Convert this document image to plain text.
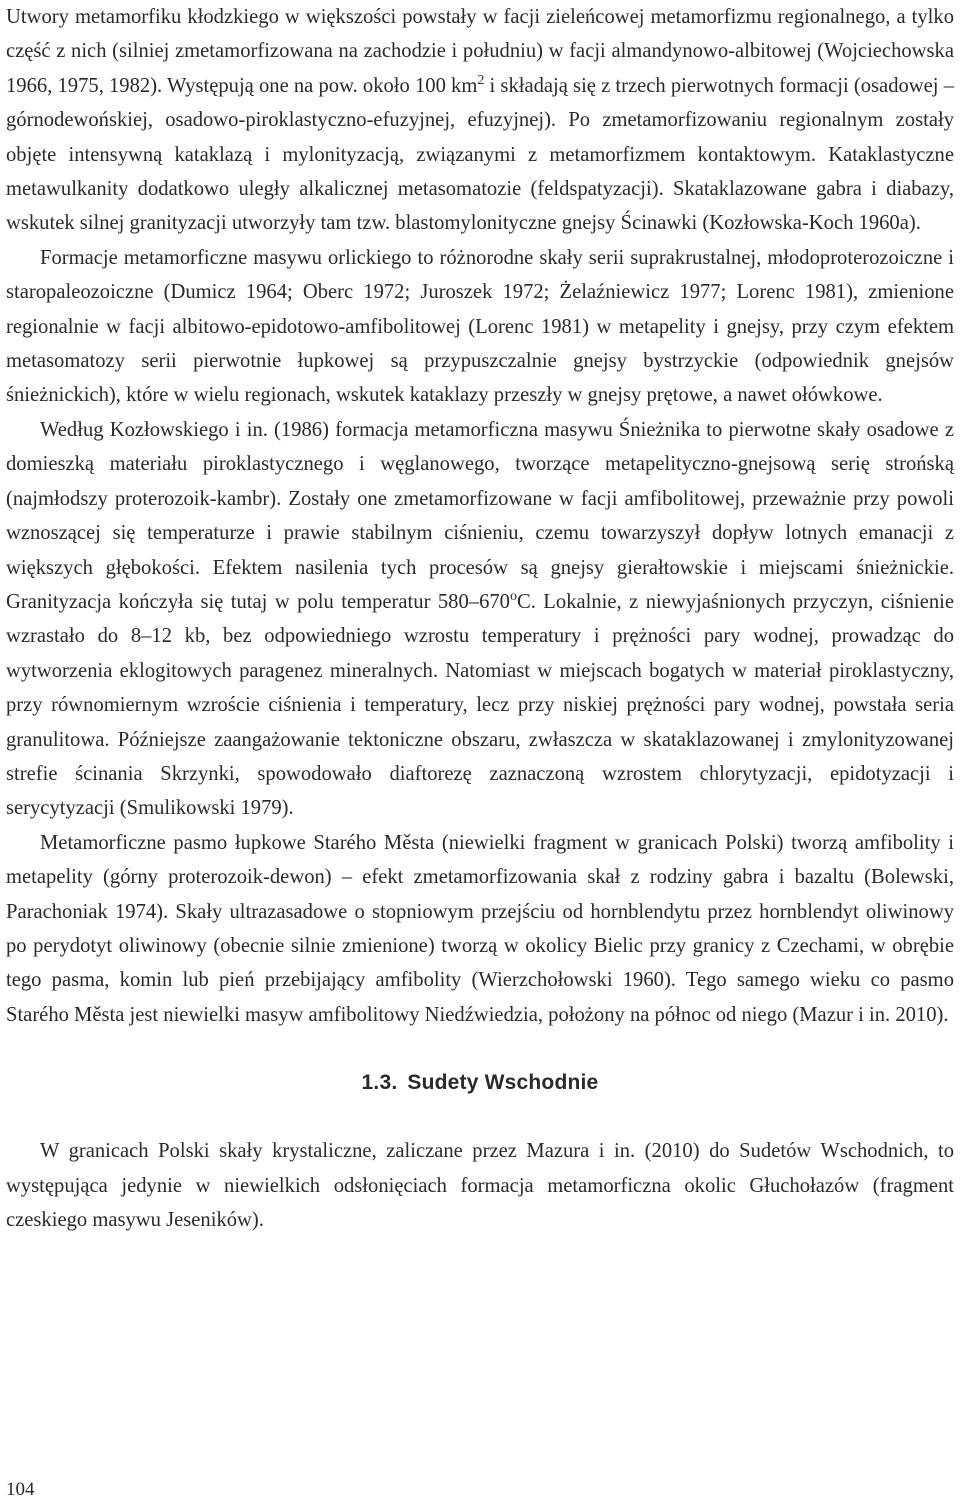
Utwory metamorfiku kłodzkiego w większości powstały w facji zieleńcowej metamorfizmu regionalnego, a tylko część z nich (silniej zmetamorfizowana na zachodzie i południu) w facji almandynowo-albitowej (Wojciechowska 1966, 1975, 1982). Występują one na pow. około 100 $km^2$ i składają się z trzech pierwotnych formacji (osadowej – górnodewońskiej, osadowo-piroklastyczno-efuzyjnej, efuzyjnej). Po zmetamorfizowaniu regionalnym zostały objęte intensywną kataklazą i mylonityzacją, związanymi z metamorfizmem kontaktowym. Kataklastyczne metawulkanity dodatkowo uległy alkalicznej metasomatozie (feldspatyzacji). Skataklazowane gabra i diabazy, wskutek silnej granityzacji utworzyły tam tzw. blastomylonityczne gnejsy Ścinawki (Kozłowska-Koch 1960a).

Formacje metamorficzne masywu orlickiego to różnorodne skały serii suprakrustalnej, młodoproterozoiczne i staropaleozoiczne (Dumicz 1964; Oberc 1972; Juroszek 1972; Żelaźniewicz 1977; Lorenc 1981), zmienione regionalnie w facji albitowo-epidotowo-amfibolitowej (Lorenc 1981) w metapelity i gnejsy, przy czym efektem metasomatozy serii pierwotnie łupkowej są przypuszczalnie gnejsy bystrzyckie (odpowiednik gnejsów śnieżnickich), które w wielu regionach, wskutek kataklazy przeszły w gnejsy prętowe, a nawet ołówkowe.

Według Kozłowskiego i in. (1986) formacja metamorficzna masywu Śnieżnika to pierwotne skały osadowe z domieszką materiału piroklastycznego i węglanowego, tworzące metapelityczno-gnejsową serię strońską (najmłodszy proterozoik-kambr). Zostały one zmetamorfizowane w facji amfibolitowej, przeważnie przy powoli wznoszącej się temperaturze i prawie stabilnym ciśnieniu, czemu towarzyszył dopływ lotnych emanacji z większych głębokości. Efektem nasilenia tych procesów są gnejsy gierałtowskie i miejscami śnieżnickie. Granityzacja kończyła się tutaj w polu temperatur 580–670$^o$C. Lokalnie, z niewyjaśnionych przyczyn, ciśnienie wzrastało do 8–12 kb, bez odpowiedniego wzrostu temperatury i prężności pary wodnej, prowadząc do wytworzenia eklogitowych paragenez mineralnych. Natomiast w miejscach bogatych w materiał piroklastyczny, przy równomiernym wzroście ciśnienia i temperatury, lecz przy niskiej prężności pary wodnej, powstała seria granulitowa. Późniejsze zaangażowanie tektoniczne obszaru, zwłaszcza w skataklazowanej i zmylonityzowanej strefie ścinania Skrzynki, spowodowało diaftorezę zaznaczoną wzrostem chlorytyzacji, epidotyzacji i serycytyzacji (Smulikowski 1979).

Metamorficzne pasmo łupkowe Starého Města (niewielki fragment w granicach Polski) tworzą amfibolity i metapelity (górny proterozoik-dewon) – efekt zmetamorfizowania skał z rodziny gabra i bazaltu (Bolewski, Parachoniak 1974). Skały ultrazasadowe o stopniowym przejściu od hornblendytu przez hornblendyt oliwinowy po perydotyt oliwinowy (obecnie silnie zmienione) tworzą w okolicy Bielic przy granicy z Czechami, w obrębie tego pasma, komin lub pień przebijający amfibolity (Wierzchołowski 1960). Tego samego wieku co pasmo Starého Města jest niewielki masyw amfibolitowy Niedźwiedzia, położony na północ od niego (Mazur i in. 2010).

1.3. Sudety Wschodnie

W granicach Polski skały krystaliczne, zaliczane przez Mazura i in. (2010) do Sudetów Wschodnich, to występująca jedynie w niewielkich odsłonięciach formacja metamorficzna okolic Głuchołazów (fragment czeskiego masywu Jeseników).

104
